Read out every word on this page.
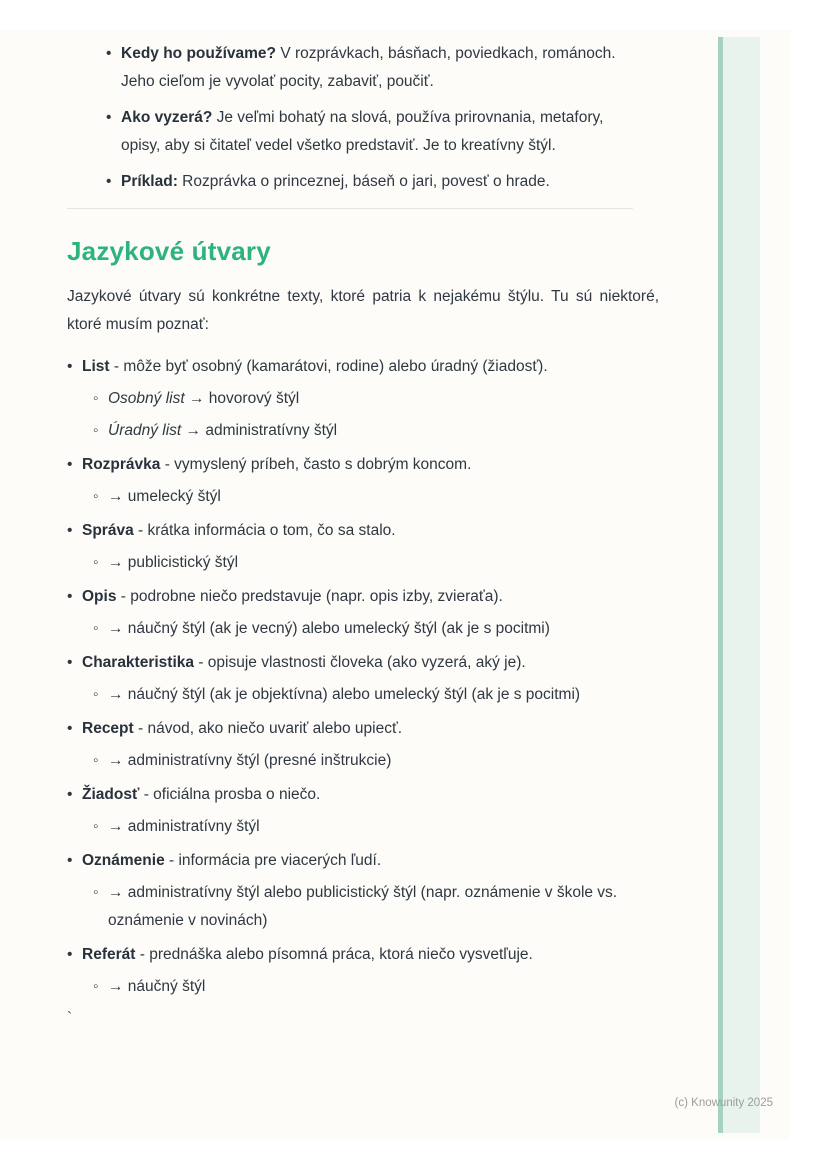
• Kedy ho používame? V rozprávkach, básňach, poviedkach, románoch. Jeho cieľom je vyvolať pocity, zabaviť, poučiť.
• Ako vyzerá? Je veľmi bohatý na slová, používa prirovnania, metafory, opisy, aby si čitateľ vedel všetko predstaviť. Je to kreatívny štýl.
• Príklad: Rozprávka o princeznej, báseň o jari, povesť o hrade.
Jazykové útvary

Jazykové útvary sú konkrétne texty, ktoré patria k nejakému štýlu. Tu sú niektoré, ktoré musím poznať:

• List - môže byť osobný (kamarátovi, rodine) alebo úradný (žiadosť).
◦ Osobný list → hovorový štýl
◦ Úradný list → administratívny štýl
• Rozprávka - vymyslený príbeh, často s dobrým koncom.
◦ → umelecký štýl
• Správa - krátka informácia o tom, čo sa stalo.
◦ → publicistický štýl
• Opis - podrobne niečo predstavuje (napr. opis izby, zvieraťa).
◦ → náučný štýl (ak je vecný) alebo umelecký štýl (ak je s pocitmi)
• Charakteristika - opisuje vlastnosti človeka (ako vyzerá, aký je).
◦ → náučný štýl (ak je objektívna) alebo umelecký štýl (ak je s pocitmi)
• Recept - návod, ako niečo uvariť alebo upiecť.
◦ → administratívny štýl (presné inštrukcie)
• Žiadosť - oficiálna prosba o niečo.
◦ → administratívny štýl
• Oznámenie - informácia pre viacerých ľudí.
◦ → administratívny štýl alebo publicistický štýl (napr. oznámenie v škole vs. oznámenie v novinách)
• Referát - prednáška alebo písomná práca, ktorá niečo vysvetľuje.
◦ → náučný štýl
`
(c) Knowunity 2025
